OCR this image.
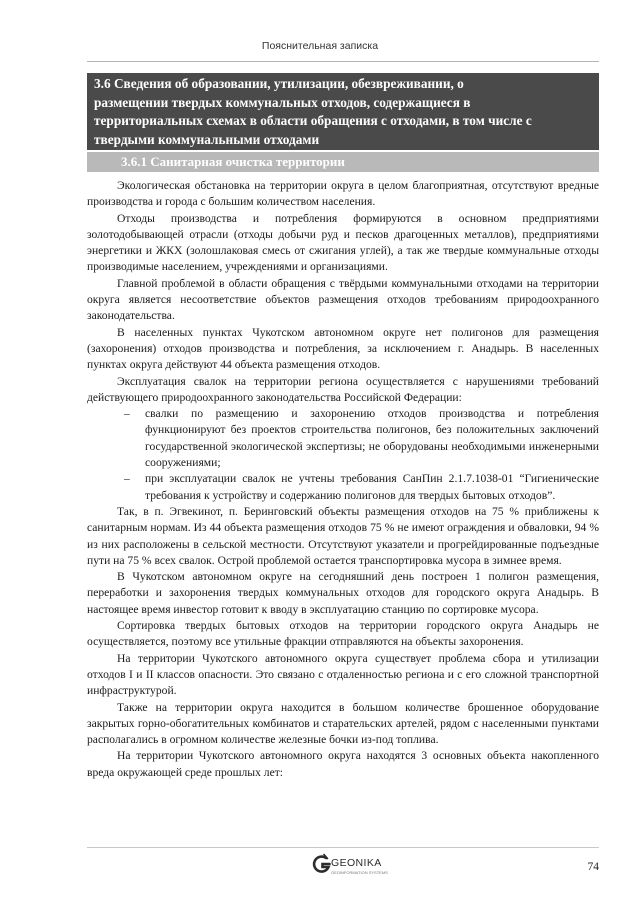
Пояснительная записка
3.6 Сведения об образовании, утилизации, обезвреживании, о
размещении твердых коммунальных отходов, содержащиеся в
территориальных схемах в области обращения с отходами, в том числе с
твердыми коммунальными отходами
3.6.1 Санитарная очистка территории

Экологическая обстановка на территории округа в целом благоприятная, отсутствуют вредные производства и города с большим количеством населения.

Отходы производства и потребления формируются в основном предприятиями золотодобывающей отрасли (отходы добычи руд и песков драгоценных металлов), предприятиями энергетики и ЖКХ (золошлаковая смесь от сжигания углей), а так же твердые коммунальные отходы производимые населением, учреждениями и организациями.

Главной проблемой в области обращения с твёрдыми коммунальными отходами на территории округа является несоответствие объектов размещения отходов требованиям природоохранного законодательства.

В населенных пунктах Чукотском автономном округе нет полигонов для размещения (захоронения) отходов производства и потребления, за исключением г. Анадырь. В населенных пунктах округа действуют 44 объекта размещения отходов.

Эксплуатация свалок на территории региона осуществляется с нарушениями требований действующего природоохранного законодательства Российской Федерации:

– свалки по размещению и захоронению отходов производства и потребления функционируют без проектов строительства полигонов, без положительных заключений государственной экологической экспертизы; не оборудованы необходимыми инженерными сооружениями;
– при эксплуатации свалок не учтены требования СанПин 2.1.7.1038-01 “Гигиенические требования к устройству и содержанию полигонов для твердых бытовых отходов”.

Так, в п. Эгвекинот, п. Беринговский объекты размещения отходов на 75 % приближены к санитарным нормам. Из 44 объекта размещения отходов 75 % не имеют ограждения и обваловки, 94 % из них расположены в сельской местности. Отсутствуют указатели и прогрейдированные подъездные пути на 75 % всех свалок. Острой проблемой остается транспортировка мусора в зимнее время.

В Чукотском автономном округе на сегодняшний день построен 1 полигон размещения, переработки и захоронения твердых коммунальных отходов для городского округа Анадырь. В настоящее время инвестор готовит к вводу в эксплуатацию станцию по сортировке мусора.

Сортировка твердых бытовых отходов на территории городского округа Анадырь не осуществляется, поэтому все утильные фракции отправляются на объекты захоронения.

На территории Чукотского автономного округа существует проблема сбора и утилизации отходов I и II классов опасности. Это связано с отдаленностью региона и с его сложной транспортной инфраструктурой.

Также на территории округа находится в большом количестве брошенное оборудование закрытых горно-обогатительных комбинатов и старательских артелей, рядом с населенными пунктами располагались в огромном количестве железные бочки из-под топлива.

На территории Чукотского автономного округа находятся 3 основных объекта накопленного вреда окружающей среде прошлых лет:

GEONIKA
GEOINFORMATION SYSTEMS	74
